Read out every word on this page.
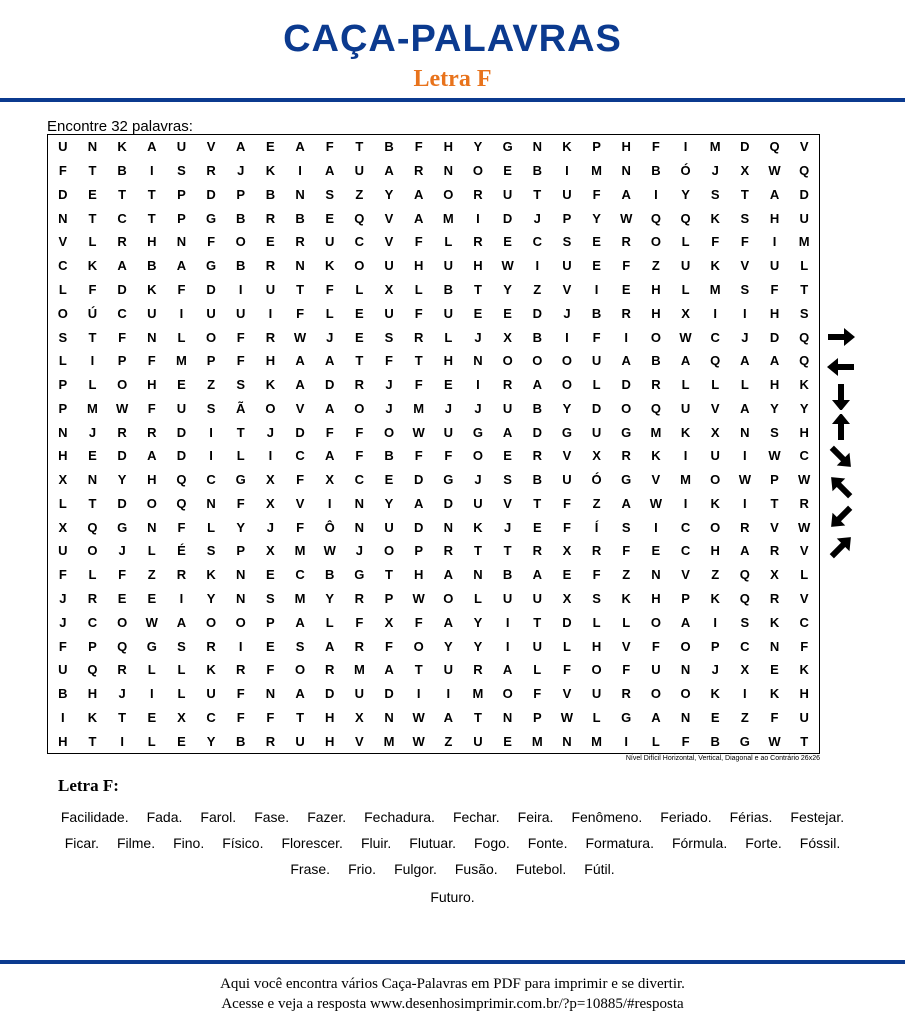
CAÇA-PALAVRAS
Letra F
Encontre 32 palavras:
U	N	K	A	U	V	A	E	A	F	T	B	F	H	Y	G	N	K	P	H	F	I	M	D	Q	V
F	T	B	I	S	R	J	K	I	A	U	A	R	N	O	E	B	I	M	N	B	Ó	J	X	W	Q
D	E	T	T	P	D	P	B	N	S	Z	Y	A	O	R	U	T	U	F	A	I	Y	S	T	A	D
N	T	C	T	P	G	B	R	B	E	Q	V	A	M	I	D	J	P	Y	W	Q	Q	K	S	H	U
V	L	R	H	N	F	O	E	R	U	C	V	F	L	R	E	C	S	E	R	O	L	F	F	I	M
C	K	A	B	A	G	B	R	N	K	O	U	H	U	H	W	I	U	E	F	Z	U	K	V	U	L
L	F	D	K	F	D	I	U	T	F	L	X	L	B	T	Y	Z	V	I	E	H	L	M	S	F	T
O	Ú	C	U	I	U	U	I	F	L	E	U	F	U	E	E	D	J	B	R	H	X	I	I	H	S
S	T	F	N	L	O	F	R	W	J	E	S	R	L	J	X	B	I	F	I	O	W	C	J	D	Q
L	I	P	F	M	P	F	H	A	A	T	F	T	H	N	O	O	O	U	A	B	A	Q	A	A	Q
P	L	O	H	E	Z	S	K	A	D	R	J	F	E	I	R	A	O	L	D	R	L	L	L	H	K
P	M	W	F	U	S	Ã	O	V	A	O	J	M	J	J	U	B	Y	D	O	Q	U	V	A	Y	Y
N	J	R	R	D	I	T	J	D	F	F	O	W	U	G	A	D	G	U	G	M	K	X	N	S	H
H	E	D	A	D	I	L	I	C	A	F	B	F	F	O	E	R	V	X	R	K	I	U	I	W	C
X	N	Y	H	Q	C	G	X	F	X	C	E	D	G	J	S	B	U	Ó	G	V	M	O	W	P	W
L	T	D	O	Q	N	F	X	V	I	N	Y	A	D	U	V	T	F	Z	A	W	I	K	I	T	R
X	Q	G	N	F	L	Y	J	F	Ô	N	U	D	N	K	J	E	F	Í	S	I	C	O	R	V	W
U	O	J	L	É	S	P	X	M	W	J	O	P	R	T	T	R	X	R	F	E	C	H	A	R	V
F	L	F	Z	R	K	N	E	C	B	G	T	H	A	N	B	A	E	F	Z	N	V	Z	Q	X	L
J	R	E	E	I	Y	N	S	M	Y	R	P	W	O	L	U	U	X	S	K	H	P	K	Q	R	V
J	C	O	W	A	O	O	P	A	L	F	X	F	A	Y	I	T	D	L	L	O	A	I	S	K	C
F	P	Q	G	S	R	I	E	S	A	R	F	O	Y	Y	I	U	L	H	V	F	O	P	C	N	F
U	Q	R	L	L	K	R	F	O	R	M	A	T	U	R	A	L	F	O	F	U	N	J	X	E	K
B	H	J	I	L	U	F	N	A	D	U	D	I	I	M	O	F	V	U	R	O	O	K	I	K	H
I	K	T	E	X	C	F	F	T	H	X	N	W	A	T	N	P	W	L	G	A	N	E	Z	F	U
H	T	I	L	E	Y	B	R	U	H	V	M	W	Z	U	E	M	N	M	I	L	F	B	G	W	T
Nível Difícil Horizontal, Vertical, Diagonal e ao Contrário 26x26
Letra F:
Facilidade. Fada. Farol. Fase. Fazer. Fechadura. Fechar. Feira. Fenômeno. Feriado. Férias. Festejar.Ficar. Filme. Fino. Físico. Florescer. Fluir. Flutuar. Fogo. Fonte. Formatura. Fórmula. Forte. Fóssil.Frase. Frio. Fulgor. Fusão. Futebol. Fútil.
Futuro.
Aqui você encontra vários Caça-Palavras em PDF para imprimir e se divertir.
Acesse e veja a resposta www.desenhosimprimir.com.br/?p=10885/#resposta
